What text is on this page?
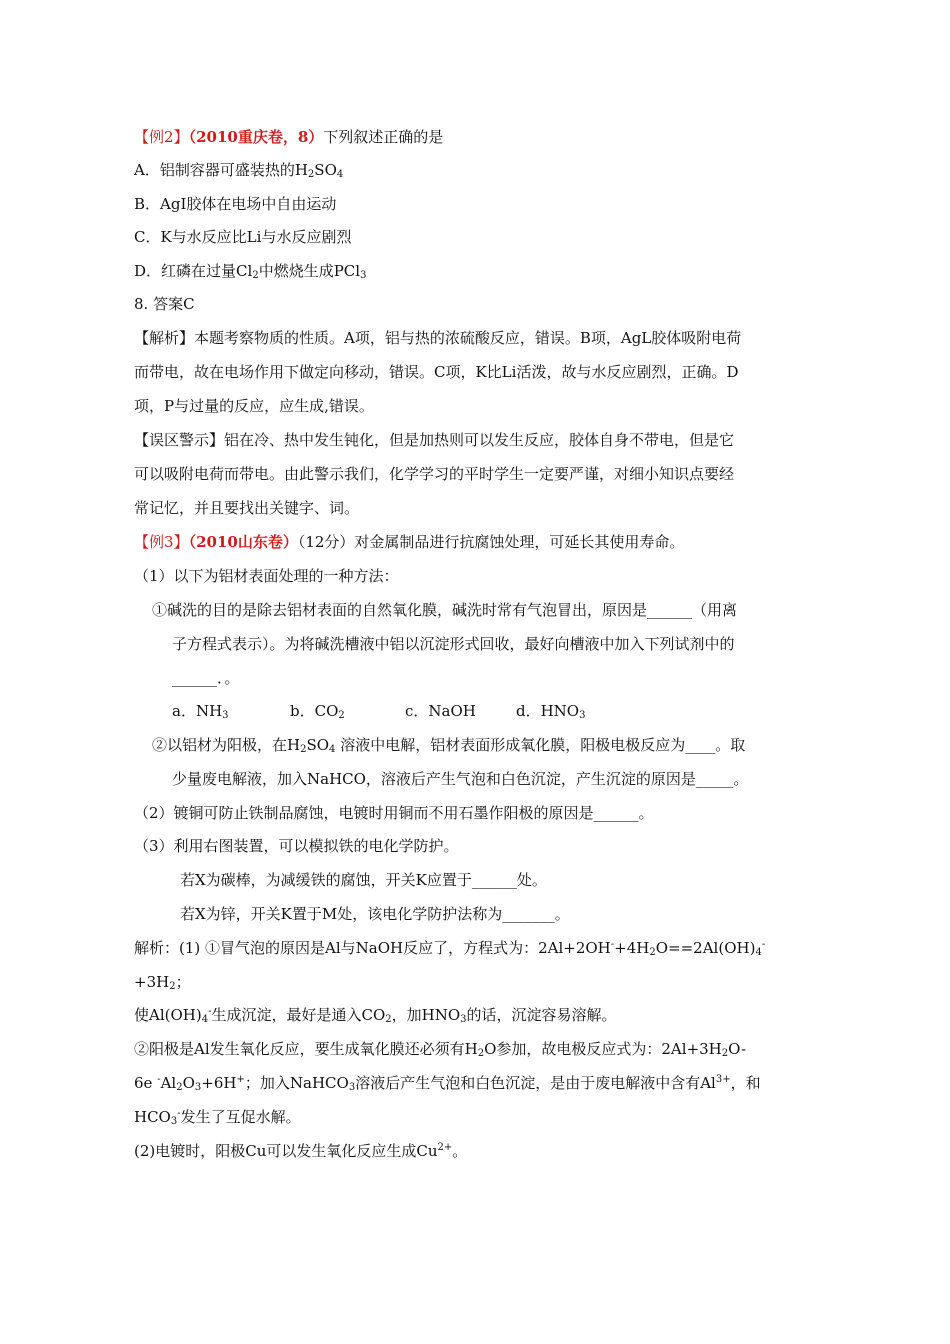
【例2】（2010重庆卷，8）下列叙述正确的是
A．铝制容器可盛装热的$H_2SO_4$
B．AgI胶体在电场中自由运动
C．K与水反应比Li与水反应剧烈
D．红磷在过量$Cl_2$中燃烧生成PCl$_3$
8. 答案C
【解析】本题考察物质的性质。A项，铝与热的浓硫酸反应，错误。B项，AgL胶体吸附电荷
而带电，故在电场作用下做定向移动，错误。C项，K比Li活泼，故与水反应剧烈，正确。D
项，P与过量的反应，应生成,错误。
【误区警示】铝在冷、热中发生钝化，但是加热则可以发生反应，胶体自身不带电，但是它
可以吸附电荷而带电。由此警示我们，化学学习的平时学生一定要严谨，对细小知识点要经
常记忆，并且要找出关键字、词。
【例3】（2010山东卷）（12分）对金属制品进行抗腐蚀处理，可延长其使用寿命。
（1）以下为铝材表面处理的一种方法：
①碱洗的目的是除去铝材表面的自然氧化膜，碱洗时常有气泡冒出，原因是______（用离
子方程式表示）。为将碱洗槽液中铝以沉淀形式回收，最好向槽液中加入下列试剂中的
______．。
a．$NH_3$	b．$CO_2$	c．NaOH	d．$HNO_3$
②以铝材为阳极，在$H_2SO_4$ 溶液中电解，铝材表面形成氧化膜，阳极电极反应为____。取
少量废电解液，加入NaHCO，溶液后产生气泡和白色沉淀，产生沉淀的原因是_____。
（2）镀铜可防止铁制品腐蚀，电镀时用铜而不用石墨作阳极的原因是______。
（3）利用右图装置，可以模拟铁的电化学防护。
若X为碳棒，为减缓铁的腐蚀，开关K应置于______处。
若X为锌，开关K置于M处，该电化学防护法称为_______。
解析：(1) ①冒气泡的原因是Al与NaOH反应了，方程式为：$2Al+2OH^-+4H_2O==2Al(OH)_4^-$
$+3H_2$；
使$Al(OH)_4^-$生成沉淀，最好是通入$CO_2$，加$HNO_3$的话，沉淀容易溶解。
②阳极是Al发生氧化反应，要生成氧化膜还必须有$H_2O$参加，故电极反应式为：$2Al+3H_2O-$
6e $^-Al_2O_3+6H^+$；加入NaHCO$_3$溶液后产生气泡和白色沉淀，是由于废电解液中含有$Al^{3+}$，和
$HCO_3^-$发生了互促水解。
(2)电镀时，阳极Cu可以发生氧化反应生成$Cu^{2+}$。
